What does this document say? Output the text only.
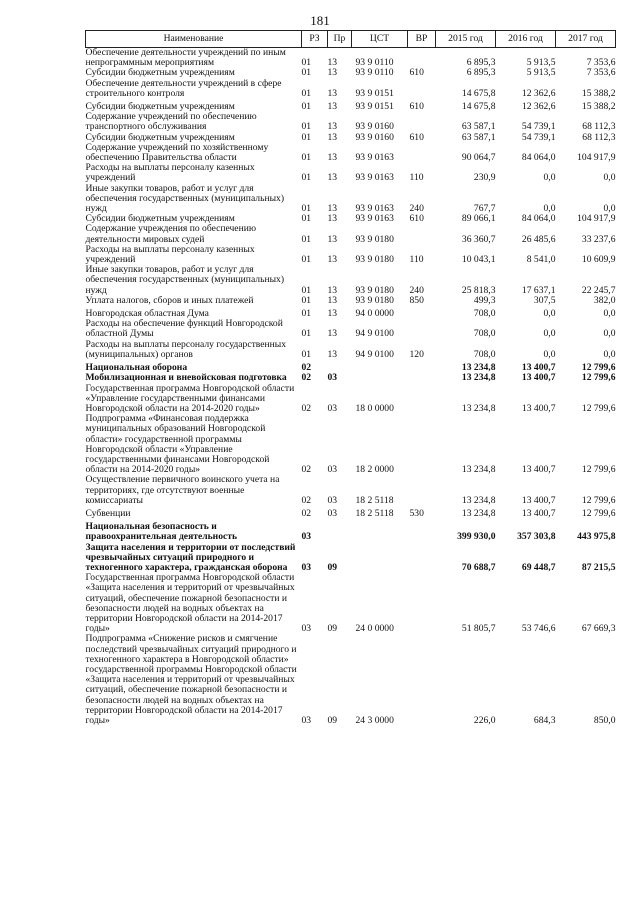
181
Наименование	РЗ	Пр	ЦСТ	ВР	2015 год	2016 год	2017 год
Обеспечение деятельности учреждений по иным непрограммным мероприятиям	01	13	93 9 0110		6 895,3	5 913,5	7 353,6
Субсидии бюджетным учреждениям	01	13	93 9 0110	610	6 895,3	5 913,5	7 353,6
Обеспечение деятельности учреждений в сфере строительного контроля	01	13	93 9 0151		14 675,8	12 362,6	15 388,2
Субсидии бюджетным учреждениям	01	13	93 9 0151	610	14 675,8	12 362,6	15 388,2
Содержание учреждений по обеспечению транспортного обслуживания	01	13	93 9 0160		63 587,1	54 739,1	68 112,3
Субсидии бюджетным учреждениям	01	13	93 9 0160	610	63 587,1	54 739,1	68 112,3
Содержание учреждений по хозяйственному обеспечению Правительства области	01	13	93 9 0163		90 064,7	84 064,0	104 917,9
Расходы на выплаты персоналу казенных учреждений	01	13	93 9 0163	110	230,9	0,0	0,0
Иные закупки товаров, работ и услуг для обеспечения государственных (муниципальных) нужд	01	13	93 9 0163	240	767,7	0,0	0,0
Субсидии бюджетным учреждениям	01	13	93 9 0163	610	89 066,1	84 064,0	104 917,9
Содержание учреждения по обеспечению деятельности мировых судей	01	13	93 9 0180		36 360,7	26 485,6	33 237,6
Расходы на выплаты персоналу казенных учреждений	01	13	93 9 0180	110	10 043,1	8 541,0	10 609,9
Иные закупки товаров, работ и услуг для обеспечения государственных (муниципальных) нужд	01	13	93 9 0180	240	25 818,3	17 637,1	22 245,7
Уплата налогов, сборов и иных платежей	01	13	93 9 0180	850	499,3	307,5	382,0
Новгородская областная Дума	01	13	94 0 0000		708,0	0,0	0,0
Расходы на обеспечение функций Новгородской областной Думы	01	13	94 9 0100		708,0	0,0	0,0
Расходы на выплаты персоналу государственных (муниципальных) органов	01	13	94 9 0100	120	708,0	0,0	0,0
Национальная оборона	02				13 234,8	13 400,7	12 799,6
Мобилизационная и вневойсковая подготовка	02	03			13 234,8	13 400,7	12 799,6
Государственная программа Новгородской области «Управление государственными финансами Новгородской области на 2014-2020 годы»	02	03	18 0 0000		13 234,8	13 400,7	12 799,6
Подпрограмма «Финансовая поддержка муниципальных образований Новгородской области» государственной программы Новгородской области «Управление государственными финансами Новгородской области на 2014-2020 годы»	02	03	18 2 0000		13 234,8	13 400,7	12 799,6
Осуществление первичного воинского учета на территориях, где отсутствуют военные комиссариаты	02	03	18 2 5118		13 234,8	13 400,7	12 799,6
Субвенции	02	03	18 2 5118	530	13 234,8	13 400,7	12 799,6
Национальная безопасность и правоохранительная деятельность	03				399 930,0	357 303,8	443 975,8
Защита населения и территории от последствий чрезвычайных ситуаций природного и техногенного характера, гражданская оборона	03	09			70 688,7	69 448,7	87 215,5
Государственная программа Новгородской области «Защита населения и территорий от чрезвычайных ситуаций, обеспечение пожарной безопасности и безопасности людей на водных объектах на территории Новгородской области на 2014-2017 годы»	03	09	24 0 0000		51 805,7	53 746,6	67 669,3
Подпрограмма «Снижение рисков и смягчение последствий чрезвычайных ситуаций природного и техногенного характера в Новгородской области» государственной программы Новгородской области «Защита населения и территорий от чрезвычайных ситуаций, обеспечение пожарной безопасности и безопасности людей на водных объектах на территории Новгородской области на 2014-2017 годы»	03	09	24 3 0000		226,0	684,3	850,0
